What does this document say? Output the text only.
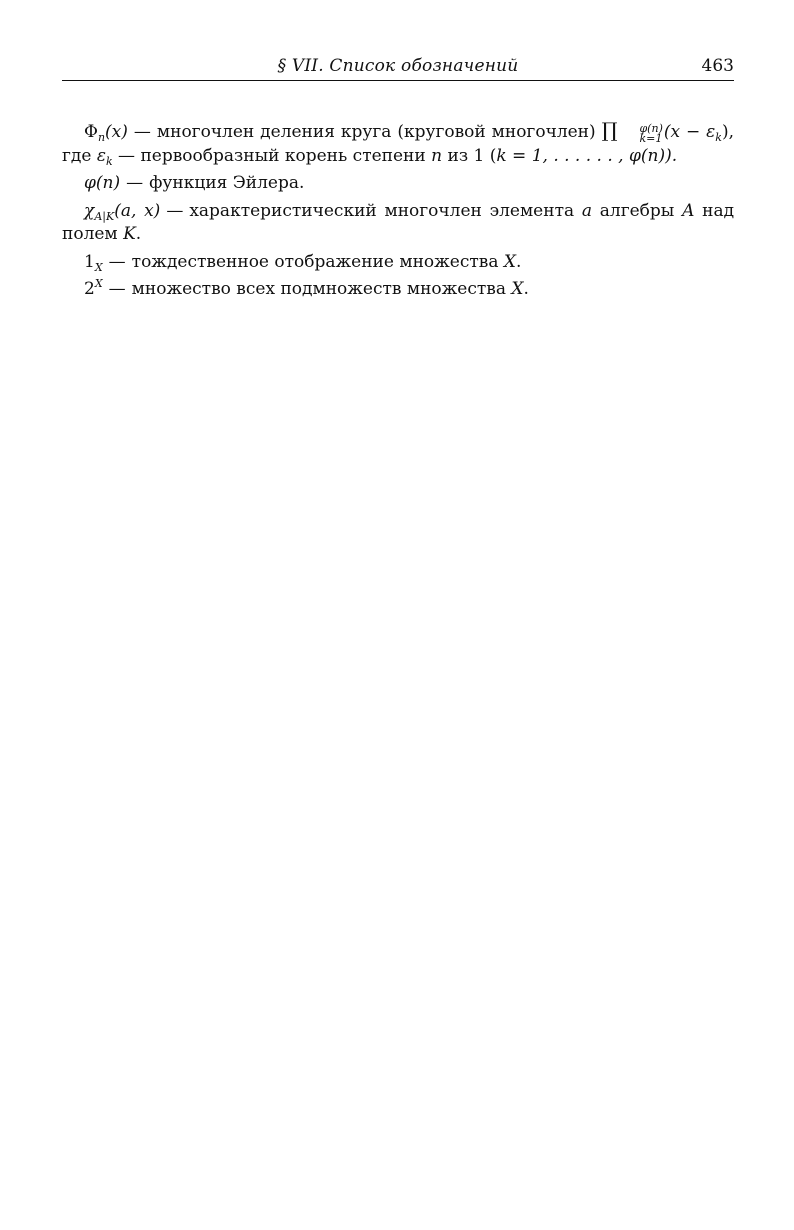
§ VII. Список обозначений	463

$\Phi_n(x)$ — многочлен деления круга (круговой многочлен) ∏	φ(n)
k=1 $(x - \varepsilon_k)$, где $\varepsilon_k$ — первообразный корень степени n из 1 (k = 1, . . . . . . , φ(n)).

φ(n) — функция Эйлера.

$\chi_{A|K}(a$, x) — характеристический многочлен элемента a алгебры A над полем K.

$1_X$ — тождественное отображение множества X.

$2^X$ — множество всех подмножеств множества X.
